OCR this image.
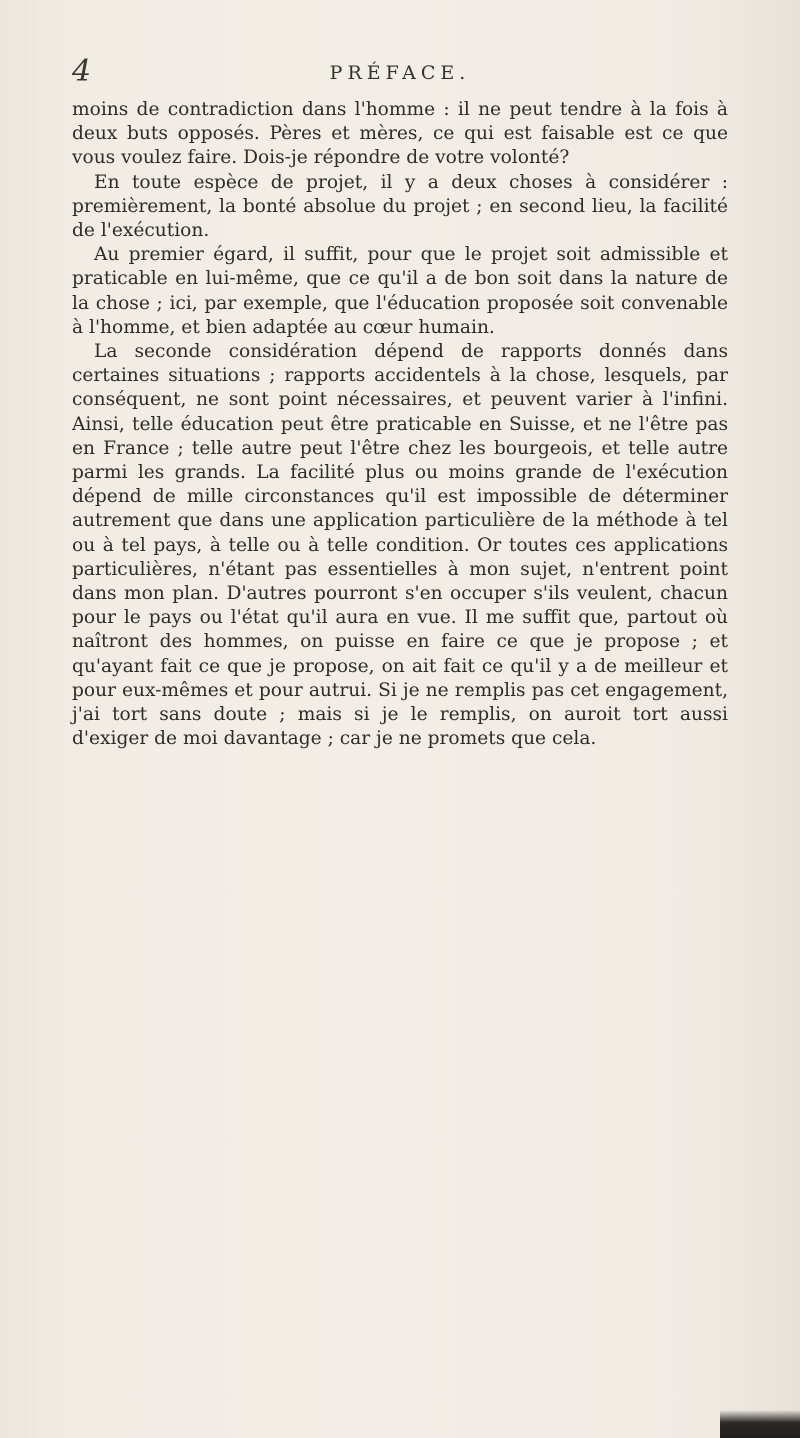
4	PRÉFACE.

moins de contradiction dans l'homme : il ne peut tendre à la fois à deux buts opposés. Pères et mères, ce qui est faisable est ce que vous voulez faire. Dois-je répondre de votre volonté?

En toute espèce de projet, il y a deux choses à considérer : premièrement, la bonté absolue du projet ; en second lieu, la facilité de l'exécution.

Au premier égard, il suffit, pour que le projet soit admissible et praticable en lui-même, que ce qu'il a de bon soit dans la nature de la chose ; ici, par exemple, que l'éducation proposée soit convenable à l'homme, et bien adaptée au cœur humain.

La seconde considération dépend de rapports donnés dans certaines situations ; rapports accidentels à la chose, lesquels, par conséquent, ne sont point nécessaires, et peuvent varier à l'infini. Ainsi, telle éducation peut être praticable en Suisse, et ne l'être pas en France ; telle autre peut l'être chez les bourgeois, et telle autre parmi les grands. La facilité plus ou moins grande de l'exécution dépend de mille circonstances qu'il est impossible de déterminer autrement que dans une application particulière de la méthode à tel ou à tel pays, à telle ou à telle condition. Or toutes ces applications particulières, n'étant pas essentielles à mon sujet, n'entrent point dans mon plan. D'autres pourront s'en occuper s'ils veulent, chacun pour le pays ou l'état qu'il aura en vue. Il me suffit que, partout où naîtront des hommes, on puisse en faire ce que je propose ; et qu'ayant fait ce que je propose, on ait fait ce qu'il y a de meilleur et pour eux-mêmes et pour autrui. Si je ne remplis pas cet engagement, j'ai tort sans doute ; mais si je le remplis, on auroit tort aussi d'exiger de moi davantage ; car je ne promets que cela.
